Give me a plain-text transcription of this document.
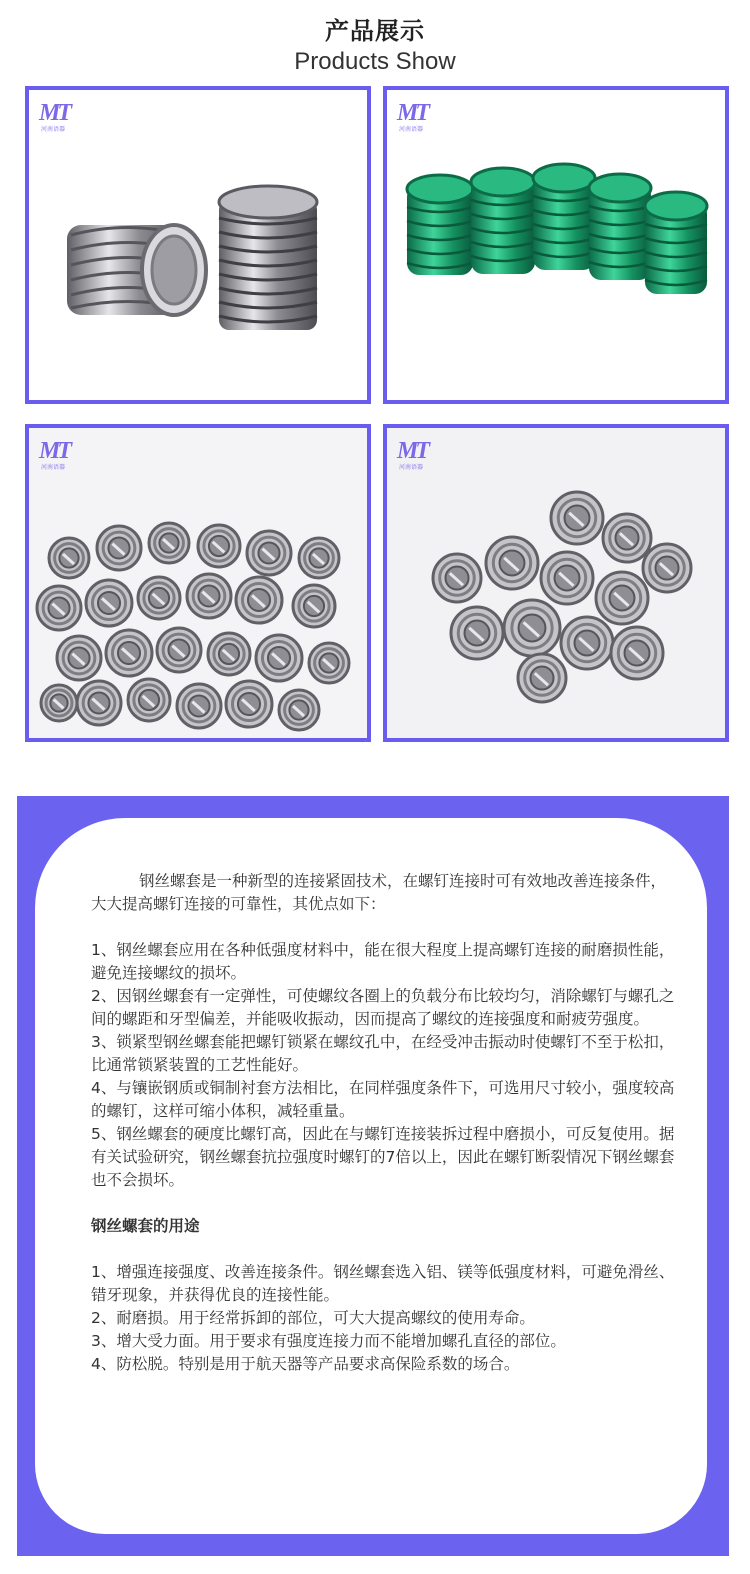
产品展示
Products Show
MT
河南语器
MT
河南语器
MT
河南语器
MT
河南语器

钢丝螺套是一种新型的连接紧固技术，在螺钉连接时可有效地改善连接条件，大大提高螺钉连接的可靠性，其优点如下：

1、钢丝螺套应用在各种低强度材料中，能在很大程度上提高螺钉连接的耐磨损性能，避免连接螺纹的损坏。

2、因钢丝螺套有一定弹性，可使螺纹各圈上的负载分布比较均匀，消除螺钉与螺孔之间的螺距和牙型偏差，并能吸收振动，因而提高了螺纹的连接强度和耐疲劳强度。

3、锁紧型钢丝螺套能把螺钉锁紧在螺纹孔中，在经受冲击振动时使螺钉不至于松扣，比通常锁紧装置的工艺性能好。

4、与镶嵌钢质或铜制衬套方法相比，在同样强度条件下，可选用尺寸较小，强度较高的螺钉，这样可缩小体积，减轻重量。

5、钢丝螺套的硬度比螺钉高，因此在与螺钉连接装拆过程中磨损小，可反复使用。据有关试验研究，钢丝螺套抗拉强度时螺钉的7倍以上，因此在螺钉断裂情况下钢丝螺套也不会损坏。

钢丝螺套的用途

1、增强连接强度、改善连接条件。钢丝螺套选入铝、镁等低强度材料，可避免滑丝、错牙现象，并获得优良的连接性能。

2、耐磨损。用于经常拆卸的部位，可大大提高螺纹的使用寿命。

3、增大受力面。用于要求有强度连接力而不能增加螺孔直径的部位。

4、防松脱。特别是用于航天器等产品要求高保险系数的场合。
